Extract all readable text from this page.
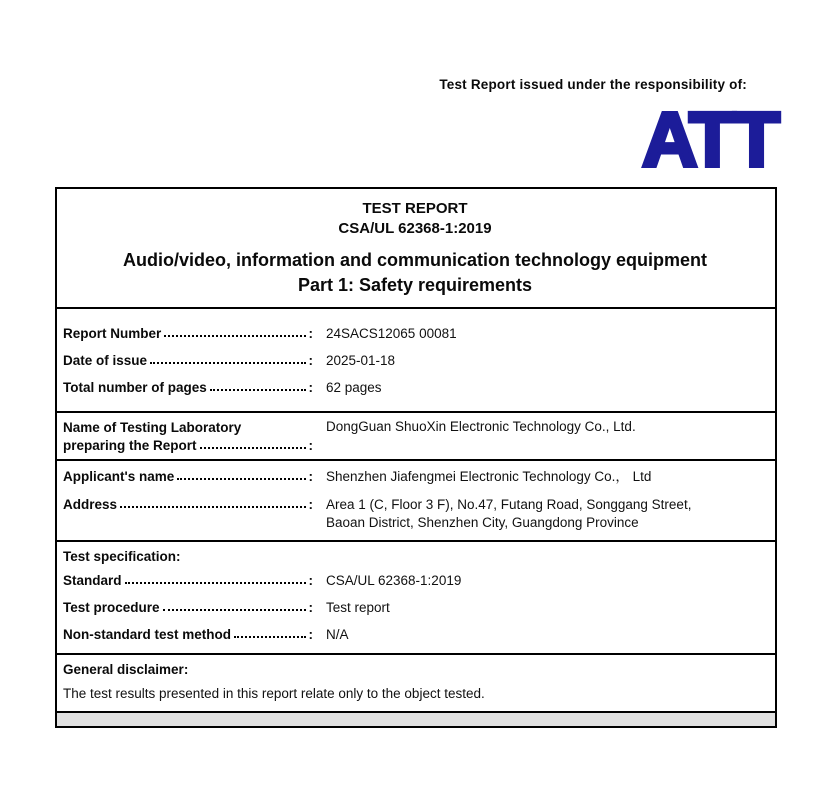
Test Report issued under the responsibility of:
ATT
TEST REPORT
CSA/UL 62368-1:2019
Audio/video, information and communication technology equipment
Part 1: Safety requirements
Report Number	: 24SACS12065 00081
Date of issue	: 2025-01-18
Total number of pages	: 62 pages
Name of Testing Laboratory
preparing the Report	:
DongGuan ShuoXin Electronic Technology Co., Ltd.
Applicant's name	: Shenzhen Jiafengmei Electronic Technology Co.， Ltd
Address	: Area 1 (C, Floor 3 F), No.47, Futang Road, Songgang Street,
Baoan District, Shenzhen City, Guangdong Province
Test specification:
Standard	: CSA/UL 62368-1:2019
Test procedure	: Test report
Non-standard test method	: N/A
General disclaimer:
The test results presented in this report relate only to the object tested.
